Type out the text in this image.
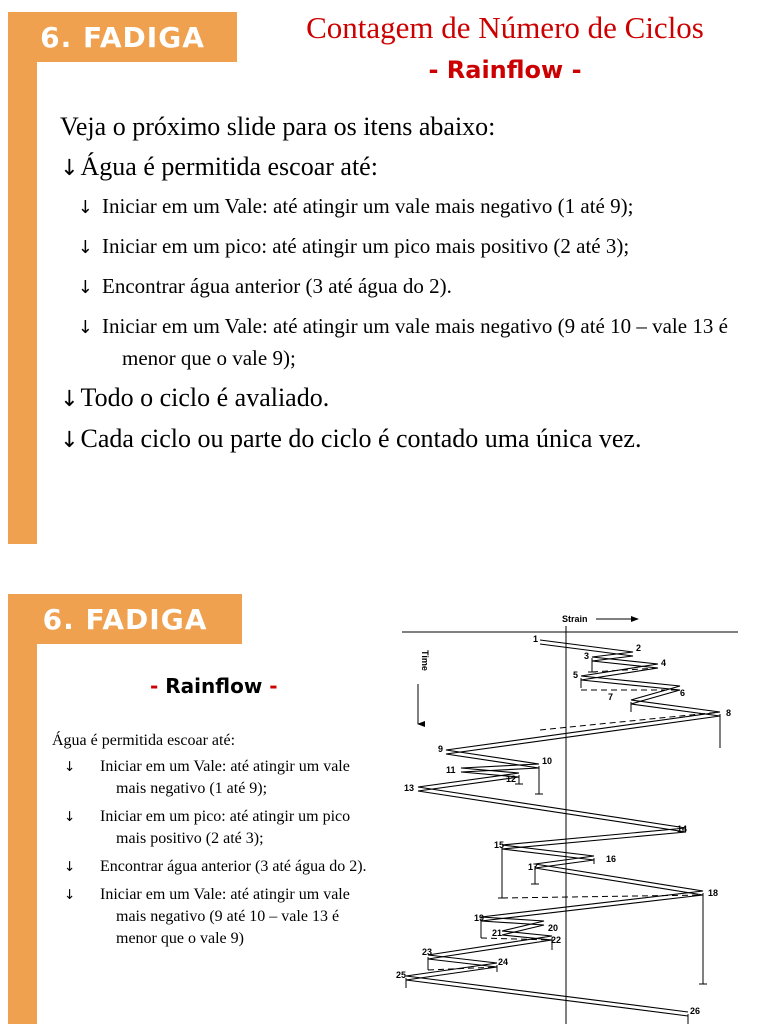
6. FADIGA	Contagem de Número de Ciclos
- Rainflow -
Veja o próximo slide para os itens abaixo:
↓Água é permitida escoar até:
↓ Iniciar em um Vale: até atingir um vale mais negativo (1 até 9);
↓ Iniciar em um pico: até atingir um pico mais positivo (2 até 3);
↓ Encontrar água anterior (3 até água do 2).
↓ Iniciar em um Vale: até atingir um vale mais negativo (9 até 10 – vale 13 é menor que o vale 9);
↓Todo o ciclo é avaliado.
↓Cada ciclo ou parte do ciclo é contado uma única vez.
6. FADIGA
- Rainflow -
Água é permitida escoar até:
↓ Iniciar em um Vale: até atingir um vale mais negativo (1 até 9);
↓ Iniciar em um pico: até atingir um pico mais positivo (2 até 3);
↓ Encontrar água anterior (3 até água do 2).
↓ Iniciar em um Vale: até atingir um vale mais negativo (9 até 10 – vale 13 é menor que o vale 9)
Strain
Time
1
2
3
4
5
6
7
8
9
10
11
12
13
14
15
16
17
18
19
20
21
22
23
24
25
26
